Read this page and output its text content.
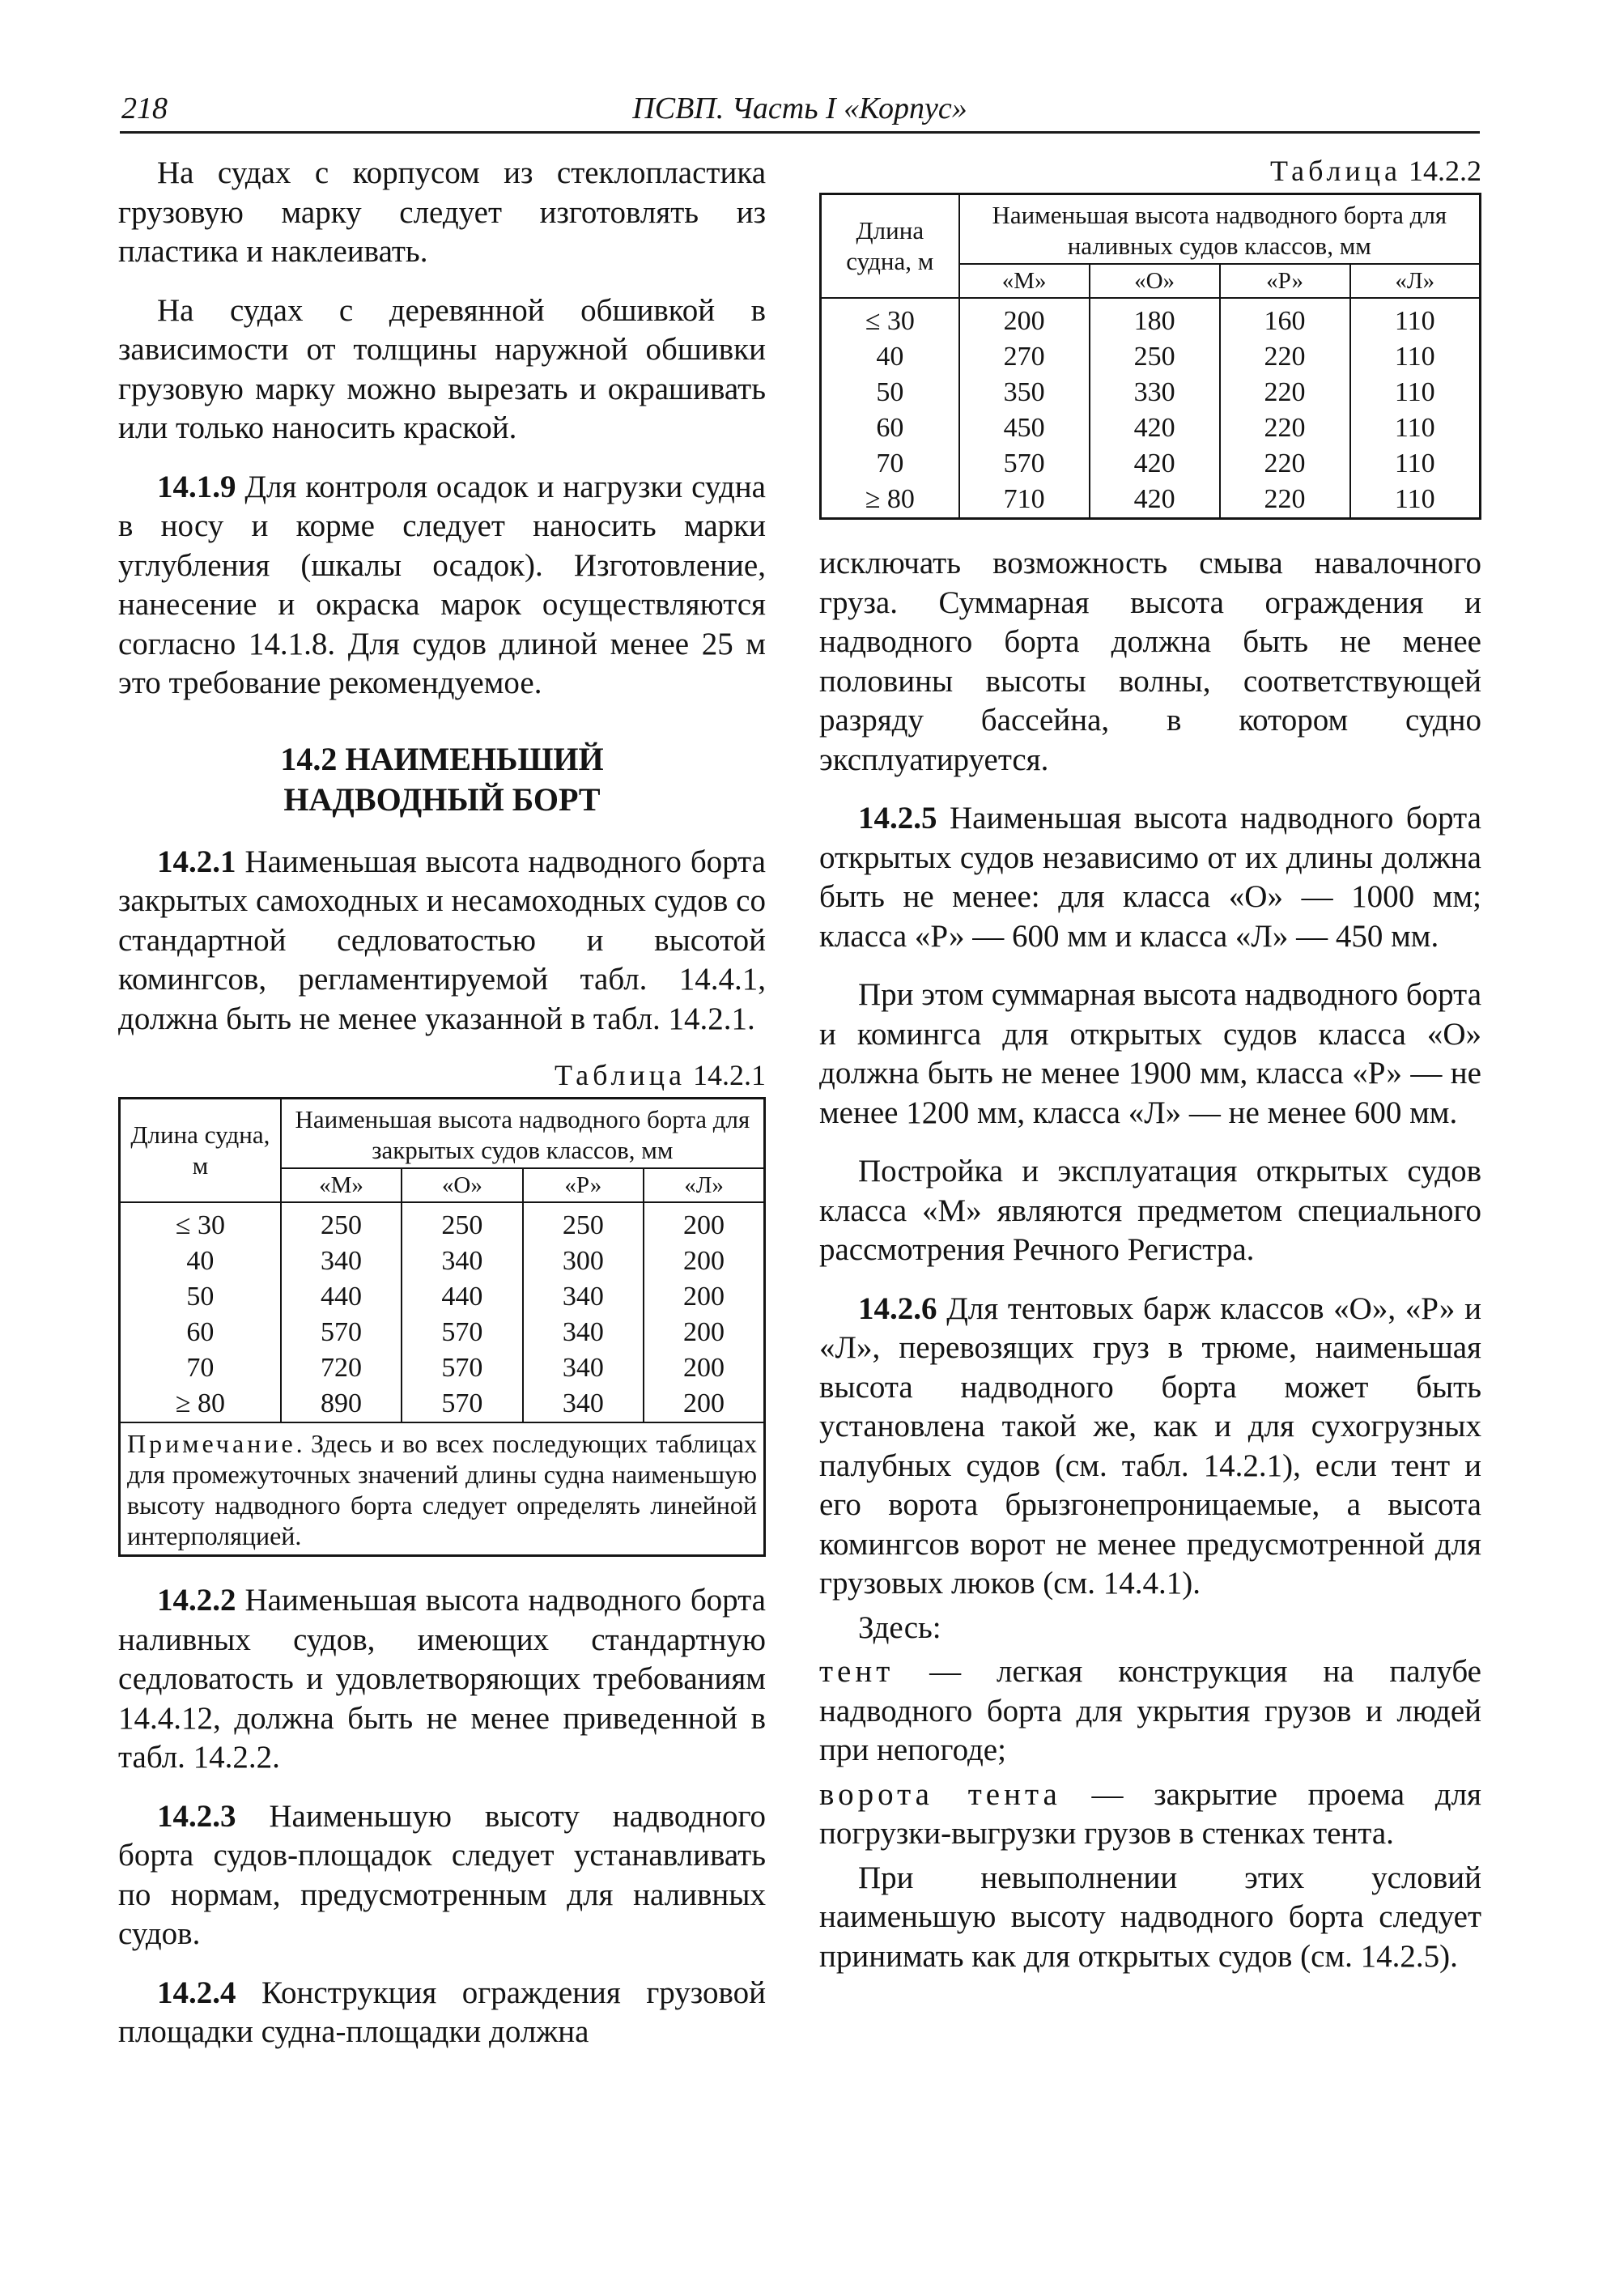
218	ПСВП. Часть I «Корпус»

На судах с корпусом из стеклопластика грузовую марку следует изготовлять из пластика и наклеивать.

На судах с деревянной обшивкой в зависимости от толщины наружной обшивки грузовую марку можно вырезать и окрашивать или только наносить краской.

14.1.9 Для контроля осадок и нагрузки судна в носу и корме следует наносить марки углубления (шкалы осадок). Изготовление, нанесение и окраска марок осуществляются согласно 14.1.8. Для судов длиной менее 25 м это требование рекомендуемое.

14.2 НАИМЕНЬШИЙ
НАДВОДНЫЙ БОРТ

14.2.1 Наименьшая высота надводного борта закрытых самоходных и несамоходных судов со стандартной седловатостью и высотой комингсов, регламентируемой табл. 14.4.1, должна быть не менее указанной в табл. 14.2.1.

Таблица 14.2.1
Длина судна, м	Наименьшая высота надводного борта для закрытых судов классов, мм			
	«М»	«О»	«Р»	«Л»
≤ 30	250	250	250	200
40	340	340	300	200
50	440	440	340	200
60	570	570	340	200
70	720	570	340	200
≥ 80	890	570	340	200
Примечание. Здесь и во всех последующих таблицах для промежуточных значений длины судна наименьшую высоту надводного борта следует определять линейной интерполяцией.				

14.2.2 Наименьшая высота надводного борта наливных судов, имеющих стандартную седловатость и удовлетворяющих требованиям 14.4.12, должна быть не менее приведенной в табл. 14.2.2.

14.2.3 Наименьшую высоту надводного борта судов-площадок следует устанавливать по нормам, предусмотренным для наливных судов.

14.2.4 Конструкция ограждения грузовой площадки судна-площадки должна

Таблица 14.2.2
Длина судна, м	Наименьшая высота надводного борта для наливных судов классов, мм			
	«М»	«О»	«Р»	«Л»
≤ 30	200	180	160	110
40	270	250	220	110
50	350	330	220	110
60	450	420	220	110
70	570	420	220	110
≥ 80	710	420	220	110

исключать возможность смыва навалочного груза. Суммарная высота ограждения и надводного борта должна быть не менее половины высоты волны, соответствующей разряду бассейна, в котором судно эксплуатируется.

14.2.5 Наименьшая высота надводного борта открытых судов независимо от их длины должна быть не менее: для класса «О» — 1000 мм; класса «Р» — 600 мм и класса «Л» — 450 мм.

При этом суммарная высота надводного борта и комингса для открытых судов класса «О» должна быть не менее 1900 мм, класса «Р» — не менее 1200 мм, класса «Л» — не менее 600 мм.

Постройка и эксплуатация открытых судов класса «М» являются предметом специального рассмотрения Речного Регистра.

14.2.6 Для тентовых барж классов «О», «Р» и «Л», перевозящих груз в трюме, наименьшая высота надводного борта может быть установлена такой же, как и для сухогрузных палубных судов (см. табл. 14.2.1), если тент и его ворота брызгонепроницаемые, а высота комингсов ворот не менее предусмотренной для грузовых люков (см. 14.4.1).

Здесь:

тент — легкая конструкция на палубе надводного борта для укрытия грузов и людей при непогоде;

ворота тента — закрытие проема для погрузки-выгрузки грузов в стенках тента.

При невыполнении этих условий наименьшую высоту надводного борта следует принимать как для открытых судов (см. 14.2.5).
